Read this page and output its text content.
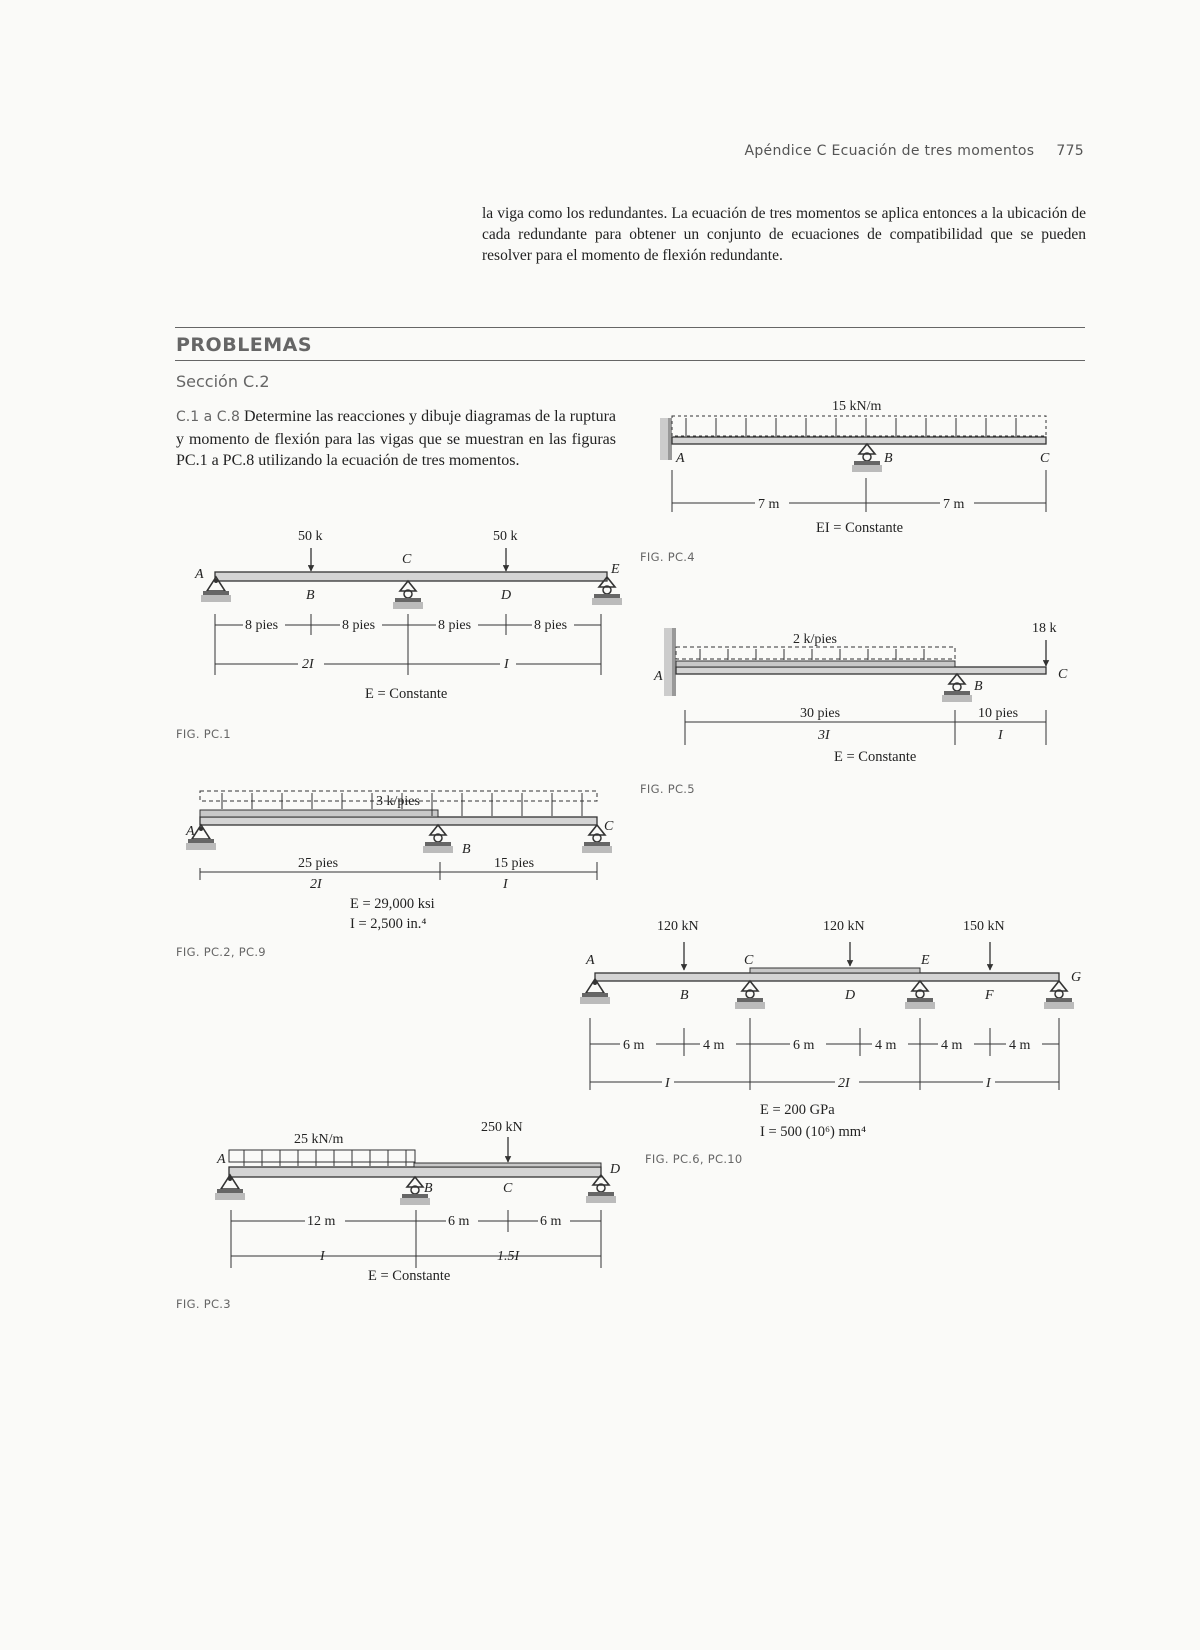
Apéndice C Ecuación de tres momentos 775
la viga como los redundantes. La ecuación de tres momentos se aplica entonces a la ubicación de cada redundante para obtener un conjunto de ecuaciones de compatibilidad que se pueden resolver para el momento de flexión redundante.
PROBLEMAS
Sección C.2
C.1 a C.8 Determine las reacciones y dibuje diagramas de la ruptura y momento de flexión para las vigas que se muestran en las figuras PC.1 a PC.8 utilizando la ecuación de tres momentos.
FIG. PC.1
FIG. PC.2, PC.9
FIG. PC.3
FIG. PC.4
FIG. PC.5
FIG. PC.6, PC.10
50 k	50 k
A
B
C
D
E
8 pies	8 pies	8 pies	8 pies
2I	I
E = Constante
3 k/pies
A
B
C
25 pies	15 pies
2I	I
E = 29,000 ksi
I = 2,500 in.⁴
25 kN/m
250 kN
A
B	C
D
12 m	6 m	6 m
I	1.5I
E = Constante
15 kN/m
A	B	C
7 m	7 m
EI = Constante
2 k/pies
18 k
A
B
C
30 pies	10 pies
3I	I
E = Constante
120 kN	120 kN	150 kN
A
B
C
D
E
F
G
6 m	4 m	6 m	4 m	4 m	4 m
I	2I	I
E = 200 GPa
I = 500 (10⁶) mm⁴
